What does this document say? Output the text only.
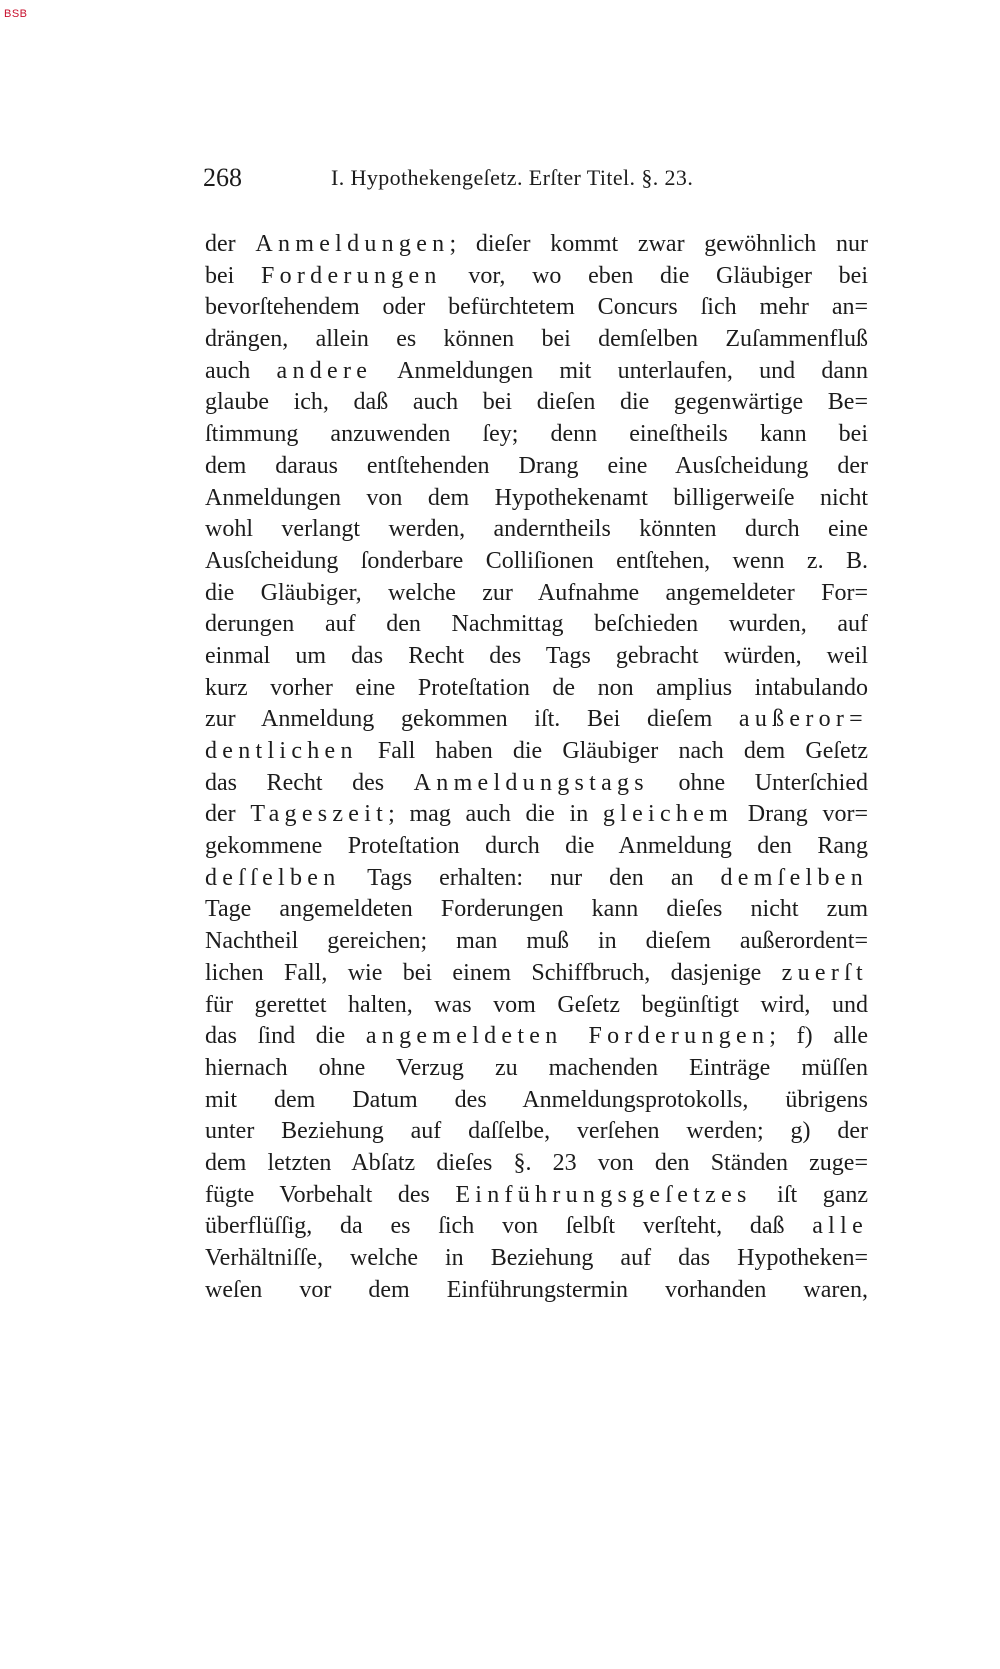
BSB
268	I. Hypothekengeſetz. Erſter Titel. §. 23.
der Anmeldungen; dieſer kommt zwar gewöhnlich nur
bei Forderungen vor, wo eben die Gläubiger bei
bevorſtehendem oder befürchtetem Concurs ſich mehr an=
drängen, allein es können bei demſelben Zuſammenfluß
auch andere Anmeldungen mit unterlaufen, und dann
glaube ich, daß auch bei dieſen die gegenwärtige Be=
ſtimmung anzuwenden ſey; denn eineſtheils kann bei
dem daraus entſtehenden Drang eine Ausſcheidung der
Anmeldungen von dem Hypothekenamt billigerweiſe nicht
wohl verlangt werden, anderntheils könnten durch eine
Ausſcheidung ſonderbare Colliſionen entſtehen, wenn z. B.
die Gläubiger, welche zur Aufnahme angemeldeter For=
derungen auf den Nachmittag beſchieden wurden, auf
einmal um das Recht des Tags gebracht würden, weil
kurz vorher eine Proteſtation de non amplius intabulando
zur Anmeldung gekommen iſt. Bei dieſem außeror=
dentlichen Fall haben die Gläubiger nach dem Geſetz
das Recht des Anmeldungstags ohne Unterſchied
der Tageszeit; mag auch die in gleichem Drang vor=
gekommene Proteſtation durch die Anmeldung den Rang
deſſelben Tags erhalten: nur den an demſelben
Tage angemeldeten Forderungen kann dieſes nicht zum
Nachtheil gereichen; man muß in dieſem außerordent=
lichen Fall, wie bei einem Schiffbruch, dasjenige zuerſt
für gerettet halten, was vom Geſetz begünſtigt wird, und
das ſind die angemeldeten Forderungen; f) alle
hiernach ohne Verzug zu machenden Einträge müſſen
mit dem Datum des Anmeldungsprotokolls, übrigens
unter Beziehung auf daſſelbe, verſehen werden; g) der
dem letzten Abſatz dieſes §. 23 von den Ständen zuge=
fügte Vorbehalt des Einführungsgeſetzes iſt ganz
überflüſſig, da es ſich von ſelbſt verſteht, daß alle
Verhältniſſe, welche in Beziehung auf das Hypotheken=
weſen vor dem Einführungstermin vorhanden waren,
